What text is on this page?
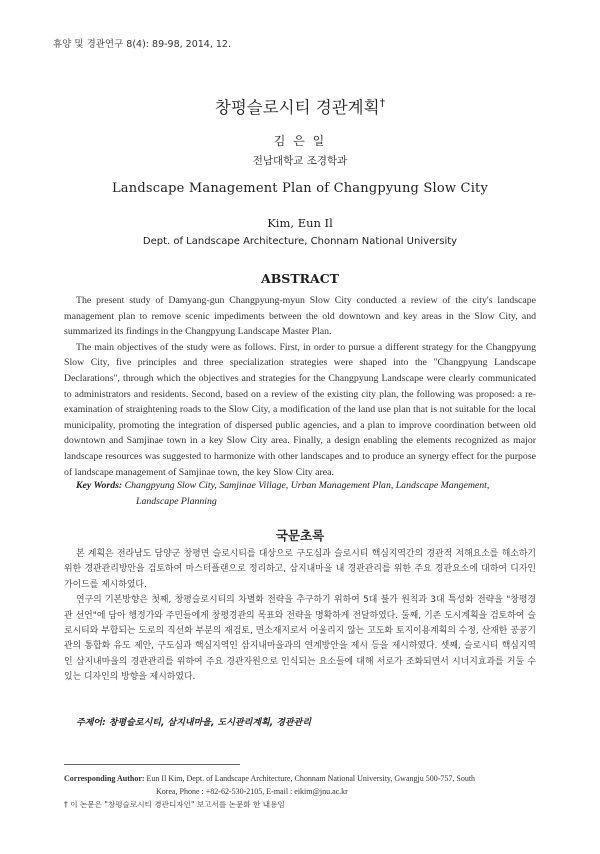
휴양 및 경관연구 8(4): 89-98, 2014, 12.
창평슬로시티 경관계획†
김 은 일
전남대학교 조경학과
Landscape Management Plan of Changpyung Slow City
Kim, Eun Il
Dept. of Landscape Architecture, Chonnam National University
ABSTRACT

The present study of Damyang-gun Changpyung-myun Slow City conducted a review of the city's landscape management plan to remove scenic impediments between the old downtown and key areas in the Slow City, and summarized its findings in the Changpyung Landscape Master Plan.

The main objectives of the study were as follows. First, in order to pursue a different strategy for the Changpyung Slow City, five principles and three specialization strategies were shaped into the "Changpyung Landscape Declarations", through which the objectives and strategies for the Changpyung Landscape were clearly communicated to administrators and residents. Second, based on a review of the existing city plan, the following was proposed: a re-examination of straightening roads to the Slow City, a modification of the land use plan that is not suitable for the local municipality, promoting the integration of dispersed public agencies, and a plan to improve coordination between old downtown and Samjinae town in a key Slow City area. Finally, a design enabling the elements recognized as major landscape resources was suggested to harmonize with other landscapes and to produce an synergy effect for the purpose of landscape management of Samjinae town, the key Slow City area.

Key Words: Changpyung Slow City, Samjinae Village, Urban Management Plan, Landscape Mangement,
Landscape Planning
국문초록

본 계획은 전라남도 담양군 창평면 슬로시티를 대상으로 구도심과 슬로시티 핵심지역간의 경관적 저해요소를 해소하기 위한 경관관리방안을 검토하여 마스터플랜으로 정리하고, 삼지내마을 내 경관관리를 위한 주요 경관요소에 대하여 디자인 가이드를 제시하였다.

연구의 기본방향은 첫째, 창평슬로시티의 차별화 전략을 추구하기 위하여 5대 불가 원칙과 3대 특성화 전략을 "창평경관 선언"에 담아 행정가와 주민들에게 창평경관의 목표와 전략을 명확하게 전달하였다. 둘째, 기존 도시계획을 검토하여 슬로시티와 부합되는 도로의 직선화 부분의 재검토, 면소재지로서 어울리지 않는 고도화 토지이용계획의 수정, 산재한 공공기관의 통합화 유도 제안, 구도심과 핵심지역인 삼지내마을과의 연계방안을 제시 등을 제시하였다. 셋째, 슬로시티 핵심지역인 삼지내마을의 경관관리를 위하여 주요 경관자원으로 인식되는 요소들에 대해 서로가 조화되면서 시너지효과를 거둘 수 있는 디자인의 방향을 제시하였다.

주제어: 창평슬로시티, 삼지내마을, 도시관리계획, 경관관리
Corresponding Author: Eun Il Kim, Dept. of Landscape Architecture, Chonnam National University, Gwangju 500-757, South
Korea, Phone : +82-62-530-2105, E-mail : eikim@jnu.ac.kr
† 이 논문은 "창평슬로시티 경관디자인" 보고서를 논문화 한 내용임
